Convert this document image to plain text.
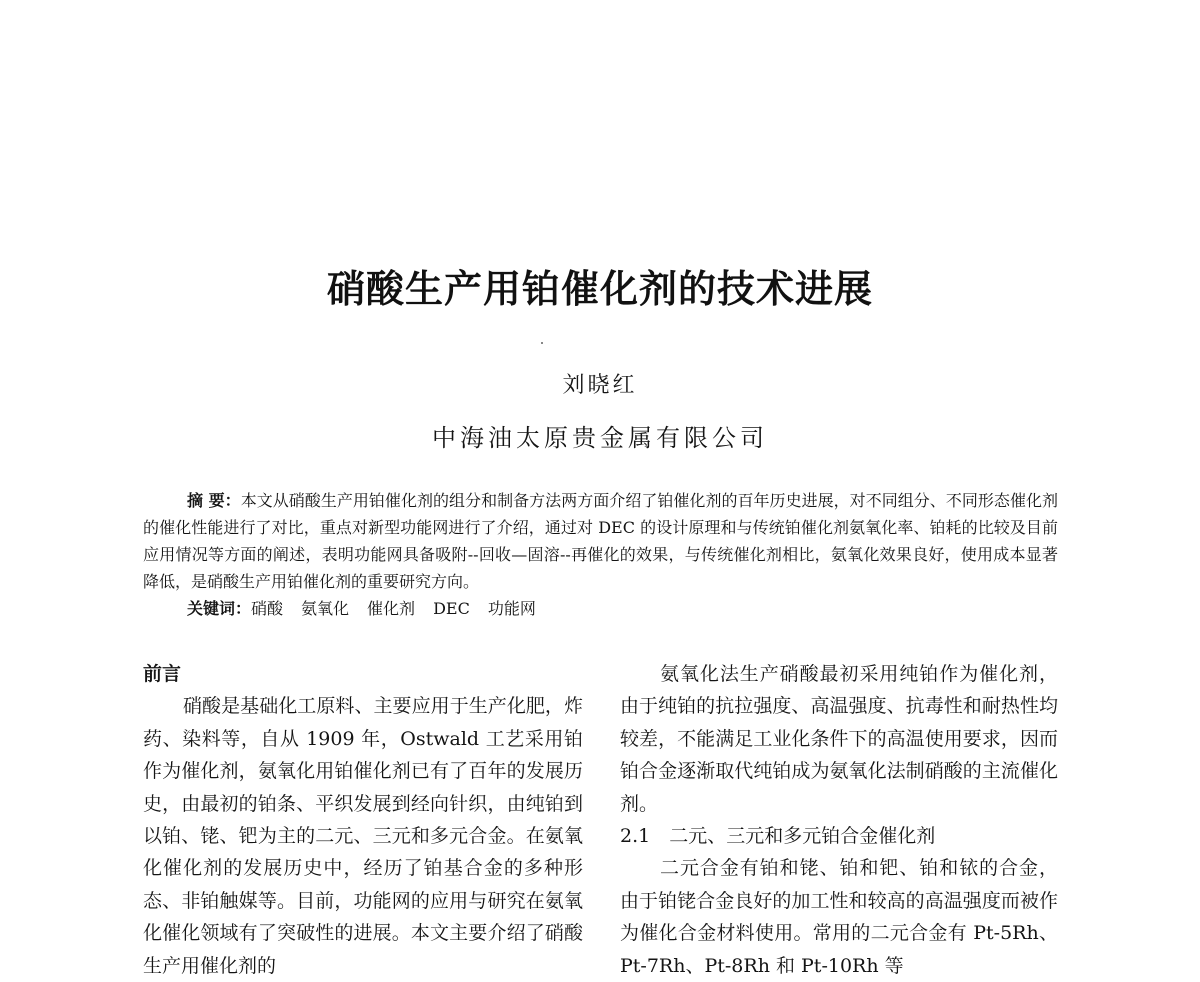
硝酸生产用铂催化剂的技术进展
刘晓红
中海油太原贵金属有限公司

摘 要：本文从硝酸生产用铂催化剂的组分和制备方法两方面介绍了铂催化剂的百年历史进展，对不同组分、不同形态催化剂的催化性能进行了对比，重点对新型功能网进行了介绍，通过对 DEC 的设计原理和与传统铂催化剂氨氧化率、铂耗的比较及目前应用情况等方面的阐述，表明功能网具备吸附--回收—固溶--再催化的效果，与传统催化剂相比，氨氧化效果良好，使用成本显著降低，是硝酸生产用铂催化剂的重要研究方向。

关键词：硝酸 氨氧化 催化剂 DEC 功能网
前言

硝酸是基础化工原料、主要应用于生产化肥，炸药、染料等，自从 1909 年，Ostwald 工艺采用铂作为催化剂，氨氧化用铂催化剂已有了百年的发展历史，由最初的铂条、平织发展到经向针织，由纯铂到以铂、铑、钯为主的二元、三元和多元合金。在氨氧化催化剂的发展历史中，经历了铂基合金的多种形态、非铂触媒等。目前，功能网的应用与研究在氨氧化催化领域有了突破性的进展。本文主要介绍了硝酸生产用催化剂的

氨氧化法生产硝酸最初采用纯铂作为催化剂，由于纯铂的抗拉强度、高温强度、抗毒性和耐热性均较差，不能满足工业化条件下的高温使用要求，因而铂合金逐渐取代纯铂成为氨氧化法制硝酸的主流催化剂。

2.1　二元、三元和多元铂合金催化剂

二元合金有铂和铑、铂和钯、铂和铱的合金，由于铂铑合金良好的加工性和较高的高温强度而被作为催化合金材料使用。常用的二元合金有 Pt-5Rh、Pt-7Rh、Pt-8Rh 和 Pt-10Rh 等
